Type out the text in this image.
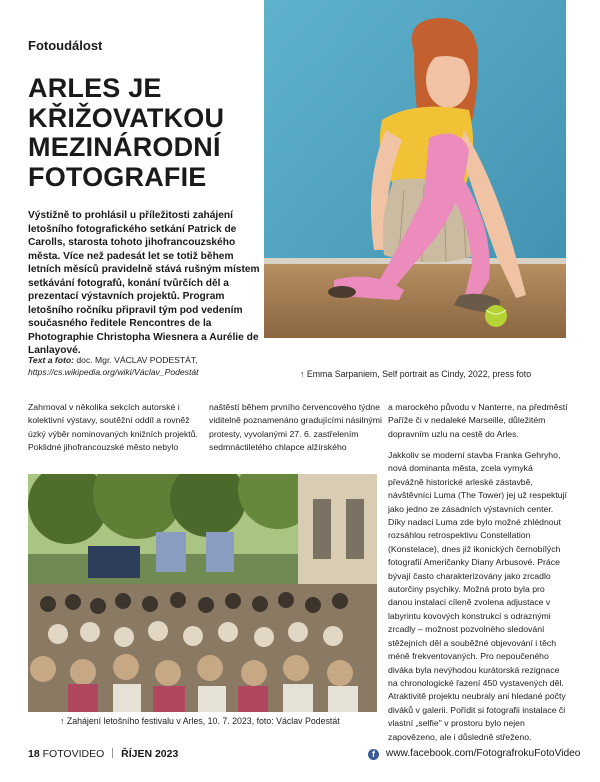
Fotoudálost
ARLES JE
KŘIŽOVATKOU
MEZINÁRODNÍ
FOTOGRAFIE

Výstižně to prohlásil u příležitosti zahájení letošního fotografického setkání Patrick de Carolls, starosta tohoto jihofrancouzského města. Více než padesát let se totiž během letních měsíců pravidelně stává rušným místem setkávání fotografů, konání tvůrčích děl a prezentací výstavních projektů. Program letošního ročníku připravil tým pod vedením současného ředitele Rencontres de la Photographie Christopha Wiesnera a Aurélie de Lanlayové.

Text a foto: doc. Mgr. VÁCLAV PODESTÁT,
https://cs.wikipedia.org/wiki/Václav_Podestát	↑ Emma Sarpaniem, Self portrait as Cindy, 2022, press foto

Zahrnoval v několika sekcích autorské i kolektivní výstavy, soutěžní oddíl a rovněž úzký výběr nominovaných knižních projektů. Poklidné jihofrancouzské město nebylo

naštěstí během prvního červencového týdne viditelně poznamenáno gradujícími násilnými protesty, vyvolanými 27. 6. zastřelením sedmnáctiletého chlapce alžírského

a marockého původu v Nanterre, na předměstí Paříže či v nedaleké Marseille, důležitém dopravním uzlu na cestě do Arles.

Jakkoliv se moderní stavba Franka Gehryho, nová dominanta města, zcela vymyká převážně historické arleské zástavbě, návštěvníci Luma (The Tower) jej už respektují jako jedno ze zásadních výstavních center. Díky nadaci Luma zde bylo možné zhlédnout rozsáhlou retrospektivu Constellation (Konstelace), dnes již ikonických černobílých fotografií Američanky Diany Arbusové. Práce bývají často charakterizovány jako zrcadlo autorčiny psychiky. Možná proto byla pro danou instalaci cíleně zvolena adjustace v labyrintu kovových konstrukcí s odraznými zrcadly – možnost pozvolného sledování stěžejních děl a souběžné objevování i těch méně frekventovaných. Pro nepoučeného diváka byla nevýhodou kurátorská rezignace na chronologické řazení 450 vystavených děl. Atraktivitě projektu neubraly ani hledané počty diváků v galerii. Pořídit si fotografii instalace či vlastní „selfie" v prostoru bylo nejen zapovězeno, ale i důsledně střeženo.

↑ Zahájení letošního festivalu v Arles, 10. 7. 2023, foto: Václav Podestát
18 FOTOVIDEO ŘÍJEN 2023	f www.facebook.com/FotografrokuFotoVideo
